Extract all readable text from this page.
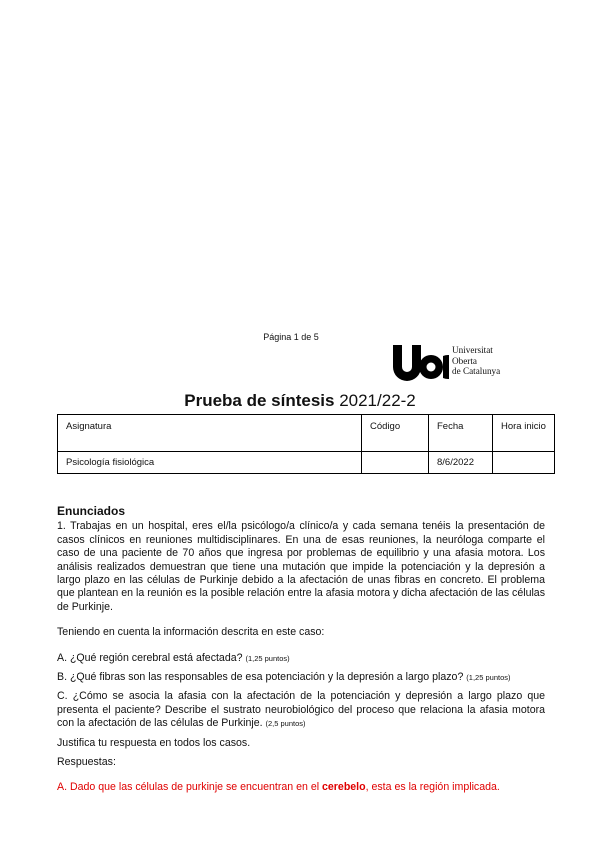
Página 1 de 5
Universitat
Oberta
de Catalunya
Prueba de síntesis 2021/22-2
Asignatura	Código	Fecha	Hora inicio
Psicología fisiológica		8/6/2022	
Enunciados

1. Trabajas en un hospital, eres el/la psicólogo/a clínico/a y cada semana tenéis la presentación de casos clínicos en reuniones multidisciplinares. En una de esas reuniones, la neuróloga comparte el caso de una paciente de 70 años que ingresa por problemas de equilibrio y una afasia motora. Los análisis realizados demuestran que tiene una mutación que impide la potenciación y la depresión a largo plazo en las células de Purkinje debido a la afectación de unas fibras en concreto. El problema que plantean en la reunión es la posible relación entre la afasia motora y dicha afectación de las células de Purkinje.

Teniendo en cuenta la información descrita en este caso:

A. ¿Qué región cerebral está afectada? (1,25 puntos)

B. ¿Qué fibras son las responsables de esa potenciación y la depresión a largo plazo? (1,25 puntos)

C. ¿Cómo se asocia la afasia con la afectación de la potenciación y depresión a largo plazo que presenta el paciente? Describe el sustrato neurobiológico del proceso que relaciona la afasia motora con la afectación de las células de Purkinje. (2,5 puntos)

Justifica tu respuesta en todos los casos.

Respuestas:

A. Dado que las células de purkinje se encuentran en el cerebelo, esta es la región implicada.
